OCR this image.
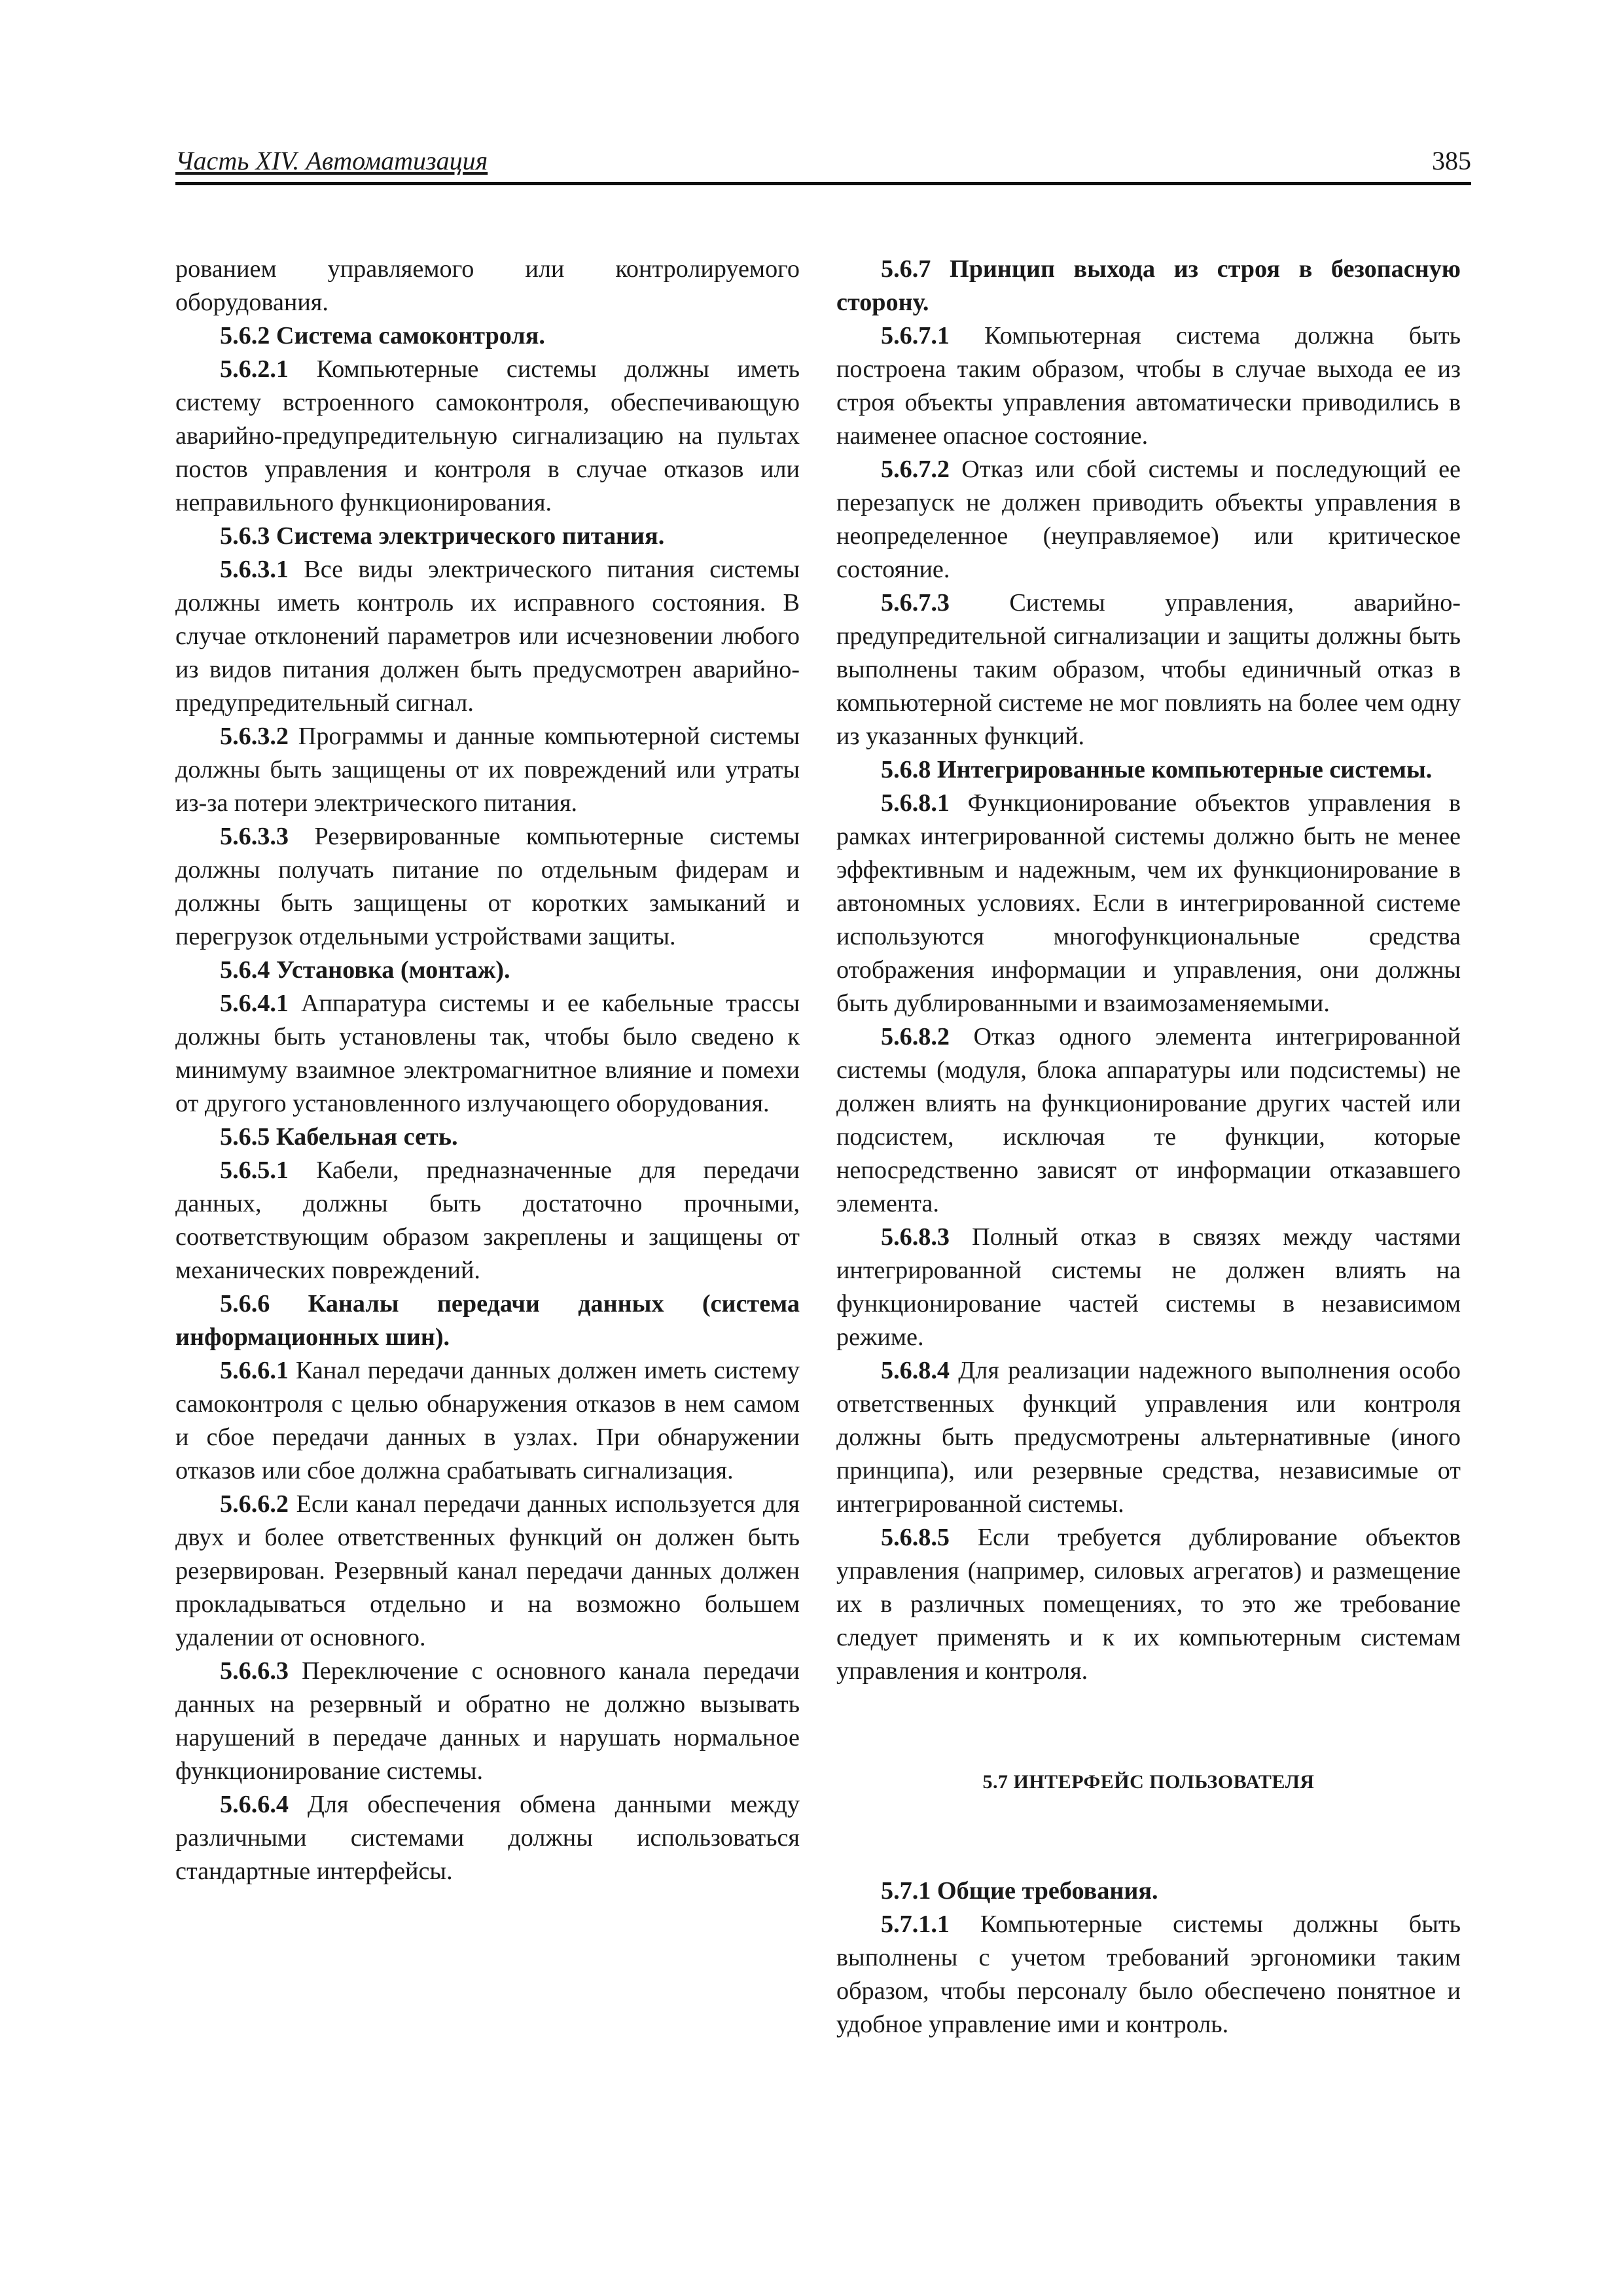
Часть XIV. Автоматизация	385

рованием управляемого или контролируемого оборудования.

5.6.2 Система самоконтроля.

5.6.2.1 Компьютерные системы должны иметь систему встроенного самоконтроля, обеспечивающую аварийно-предупредительную сигнализацию на пультах постов управления и контроля в случае отказов или неправильного функционирования.

5.6.3 Система электрического питания.

5.6.3.1 Все виды электрического питания системы должны иметь контроль их исправного состояния. В случае отклонений параметров или исчезновении любого из видов питания должен быть предусмотрен аварийно-предупредительный сигнал.

5.6.3.2 Программы и данные компьютерной системы должны быть защищены от их повреждений или утраты из-за потери электрического питания.

5.6.3.3 Резервированные компьютерные системы должны получать питание по отдельным фидерам и должны быть защищены от коротких замыканий и перегрузок отдельными устройствами защиты.

5.6.4 Установка (монтаж).

5.6.4.1 Аппаратура системы и ее кабельные трассы должны быть установлены так, чтобы было сведено к минимуму взаимное электромагнитное влияние и помехи от другого установленного излучающего оборудования.

5.6.5 Кабельная сеть.

5.6.5.1 Кабели, предназначенные для передачи данных, должны быть достаточно прочными, соответствующим образом закреплены и защищены от механических повреждений.

5.6.6 Каналы передачи данных (система информационных шин).

5.6.6.1 Канал передачи данных должен иметь систему самоконтроля с целью обнаружения отказов в нем самом и сбое передачи данных в узлах. При обнаружении отказов или сбое должна срабатывать сигнализация.

5.6.6.2 Если канал передачи данных используется для двух и более ответственных функций он должен быть резервирован. Резервный канал передачи данных должен прокладываться отдельно и на возможно большем удалении от основного.

5.6.6.3 Переключение с основного канала передачи данных на резервный и обратно не должно вызывать нарушений в передаче данных и нарушать нормальное функционирование системы.

5.6.6.4 Для обеспечения обмена данными между различными системами должны использоваться стандартные интерфейсы.

5.6.7 Принцип выхода из строя в безопасную сторону.

5.6.7.1 Компьютерная система должна быть построена таким образом, чтобы в случае выхода ее из строя объекты управления автоматически приводились в наименее опасное состояние.

5.6.7.2 Отказ или сбой системы и последующий ее перезапуск не должен приводить объекты управления в неопределенное (неуправляемое) или критическое состояние.

5.6.7.3 Системы управления, аварийно-предупредительной сигнализации и защиты должны быть выполнены таким образом, чтобы единичный отказ в компьютерной системе не мог повлиять на более чем одну из указанных функций.

5.6.8 Интегрированные компьютерные системы.

5.6.8.1 Функционирование объектов управления в рамках интегрированной системы должно быть не менее эффективным и надежным, чем их функционирование в автономных условиях. Если в интегрированной системе используются многофункциональные средства отображения информации и управления, они должны быть дублированными и взаимозаменяемыми.

5.6.8.2 Отказ одного элемента интегрированной системы (модуля, блока аппаратуры или подсистемы) не должен влиять на функционирование других частей или подсистем, исключая те функции, которые непосредственно зависят от информации отказавшего элемента.

5.6.8.3 Полный отказ в связях между частями интегрированной системы не должен влиять на функционирование частей системы в независимом режиме.

5.6.8.4 Для реализации надежного выполнения особо ответственных функций управления или контроля должны быть предусмотрены альтернативные (иного принципа), или резервные средства, независимые от интегрированной системы.

5.6.8.5 Если требуется дублирование объектов управления (например, силовых агрегатов) и размещение их в различных помещениях, то это же требование следует применять и к их компьютерным системам управления и контроля.

5.7 ИНТЕРФЕЙС ПОЛЬЗОВАТЕЛЯ

5.7.1 Общие требования.

5.7.1.1 Компьютерные системы должны быть выполнены с учетом требований эргономики таким образом, чтобы персоналу было обеспечено понятное и удобное управление ими и контроль.
